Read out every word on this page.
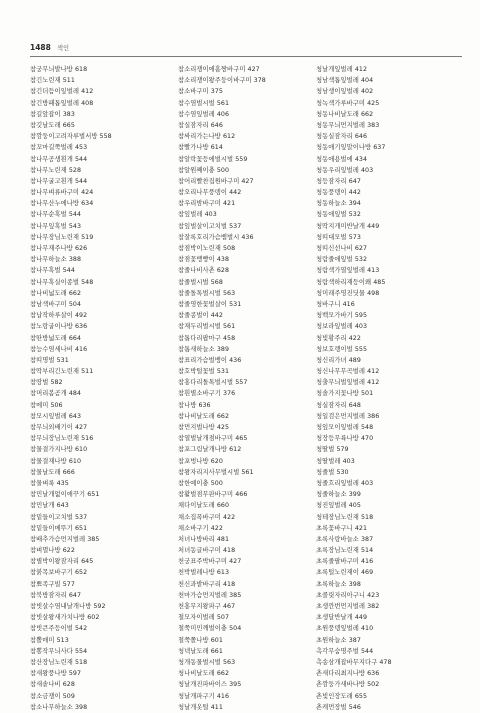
1488 색인
참궁무늬발나방 618
참긴노린재 511
참긴더듬이잎벌레 412
참긴방패톱잎벌레 408
참길앞잡이 383
참깃날도래 665
참깜둥이고려자루벌서방 558
참꼬마길쭉벌레 453
참나무공생흰개 544
참나무노린재 528
참나무굴고흰개 544
참나무벼류바구미 424
참나무산누에나방 634
참나무순혹벌 544
참나무잎혹벌 543
참나무장님노린재 519
참나무재주나방 626
참나무하늘소 388
참나무혹벌 544
참나무혹실이종벌 548
참나비넓도래 662
참남색바구미 504
참납작하루살이 492
참노랑굽이나방 636
참딴방넓도래 664
참능수염세나비 416
참띠명벌 531
참딱부리긴노린재 511
참땅벌 582
참머리봄곰개 484
참메미 506
참모시잎벌레 643
참무늬외배기이 427
참무늬장님노린재 516
참물결가지나방 610
참물결재나방 610
참물날도래 666
참물벼룩 435
참민날개없이애꾸기 651
참민날개 643
참밑들이고치벌 537
참밑들이메뚜기 651
참배추가슴먼지벌레 385
참벼멸나방 622
참별박이왕잠자리 645
참붉목보바구기 652
참뾰족구빌 577
참북방잠자리 647
참빗살수염내날개나방 592
참빗살왕새가치나방 602
참빗큰주등이벌 542
참뽈매미 513
참뽕작무늬사다 554
참산장님노린재 518
참새왕풍나방 597
참새솥나비 628
참소금쟁이 509
참소나무하늘소 398
참소리쟁이애홈짱바구미 427
참소리쟁이왕주둥이바구미 378
참소바구미 375
참수염벌시벌 561
참수염잎벌레 406
참실잠자리 646
참싸리가는나방 612
참빨가나방 614
참알락꽃등에벌시벌 559
참알원째이충 500
참어리빨찬집원바구미 427
참오리나무풍뎅이 442
참우리밤바구미 421
참잎벌레 403
참잎벌살이고치벌 537
참잘록호리가슴뱀벌시 436
참점박이노린재 508
참점꽃뱅빵이 438
참줄나비사촌 628
참줄벌시벌 568
참줄돌톡벌시벌 563
참줄영한꽃벌살이 531
참줄콩벌이 442
참재두리벌시벌 561
참톱다리팝마구 458
참톱새하늘소 389
참표리가슴벌뱅이 436
참호박털꽃벌 531
참홍다리돌톡벌시벌 557
참흰별소바구기 376
참나방 636
참나비날도래 662
참먼지벌나방 425
참열벌날개점바구미 465
참포그림날개나방 612
참포벙나방 620
참왕자리지사무벌시벌 561
참한예이충 500
참활벌점무판바구미 466
채다이날도래 660
채소집폭바구미 422
채소바구기 422
처녀나방바리 481
처녀동글바구미 418
천궁표주박바구미 427
천박벌레나방 613
천신과밭바구리 418
천마가슴먼지벌레 385
천홍무지왕파구 467
철모자이벌레 507
철쭉미민깨벌이충 504
철쭉쫄나방 601
청넥날도래 661
청개동물벌시벌 563
청나비날도래 662
청날개진파바이스 395
청날개파구기 416
청날개옷털 411
청날개잎벌레 412
청남색톱잎벌레 404
청남생이잎벌레 402
청녹색가루바구미 425
청동나비날도래 662
청동무늬먼지벌레 383
청동실잠자리 646
청동애기잎말이나방 637
청동애용벌에 434
청동우리잎벌레 403
청등잠자리 647
청동풍뎅이 442
청동하늘소 394
청동애잎벌 532
청딱지개미반날개 449
청띠대모벌 573
청띠신선나비 627
청람줄애잎벌 532
청람색가열잎벌레 413
청람색하리재등이왜 485
청미래주영진딧물 498
청바구니 416
청백모가바기 595
청보라잎벌레 403
청빛황주리 422
청보호랭이벌 555
청신리가녀 489
청신나무무곡벌레 412
청출무늬벌잎벌레 412
청솔가지꽃나방 501
청실잠자리 648
청일검은먼지벌레 386
청잎모이잎벌레 548
청장등무륙나방 470
청딸벌 579
청딸벌레 403
청줄벌 530
청줄흐리잎벌레 403
청줄하늘소 399
청진잎벌레 405
청테장님노린재 518
초록꽃바구니 421
초록사랑바늘소 387
초록장님노린재 514
초록줄팔바구미 416
초록털노린재이 469
초록하늘소 398
초콜릿자리아구니 423
초생깐번먼지벌레 382
초생달반날개 449
초원풍뎅잎벌레 410
초원하늘소 387
촉각무숨명주벌 544
촉송삼개잡바무지다구 478
촌새다리최지나방 636
촌깜둥가새바나방 502
촌빛인장도래 655
촌캐먼장벌 546
